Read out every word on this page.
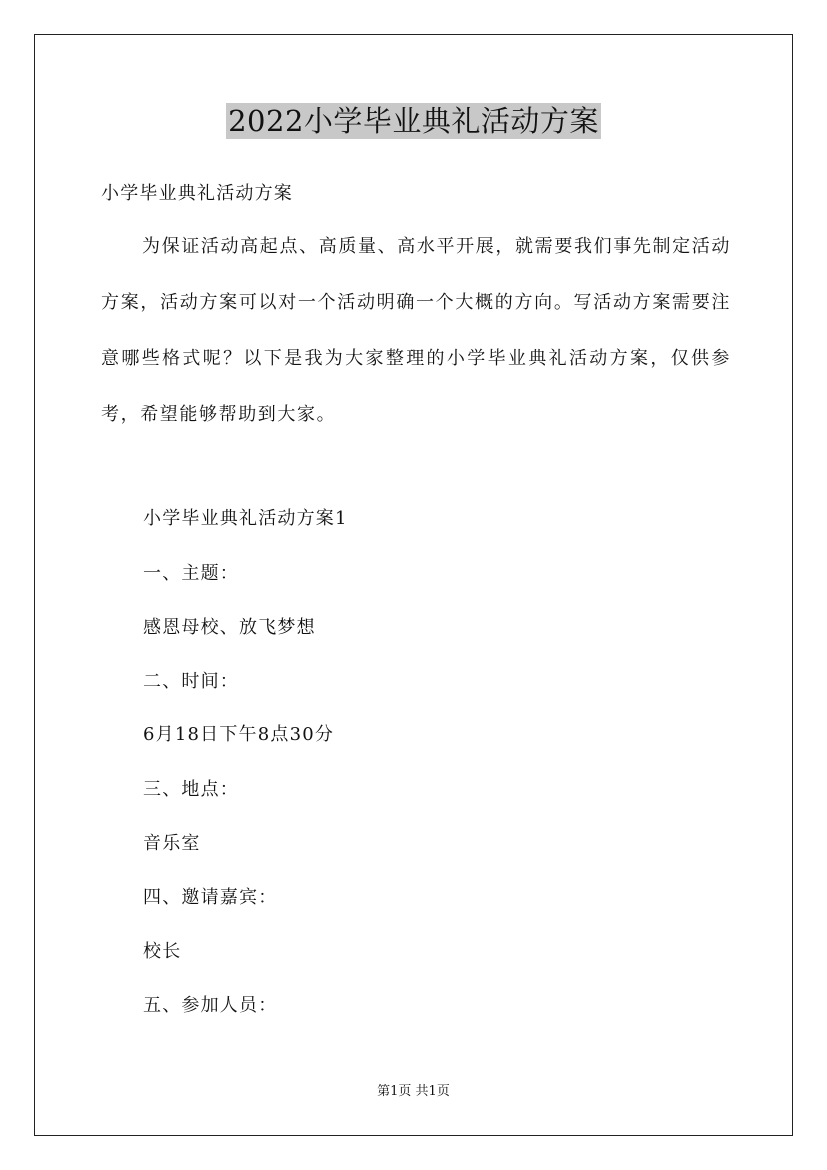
2022小学毕业典礼活动方案
小学毕业典礼活动方案
为保证活动高起点、高质量、高水平开展，就需要我们事先制定活动方案，活动方案可以对一个活动明确一个大概的方向。写活动方案需要注意哪些格式呢？以下是我为大家整理的小学毕业典礼活动方案，仅供参考，希望能够帮助到大家。
小学毕业典礼活动方案1
一、主题：
感恩母校、放飞梦想
二、时间：
6月18日下午8点30分
三、地点：
音乐室
四、邀请嘉宾：
校长
五、参加人员：
第1页 共1页
